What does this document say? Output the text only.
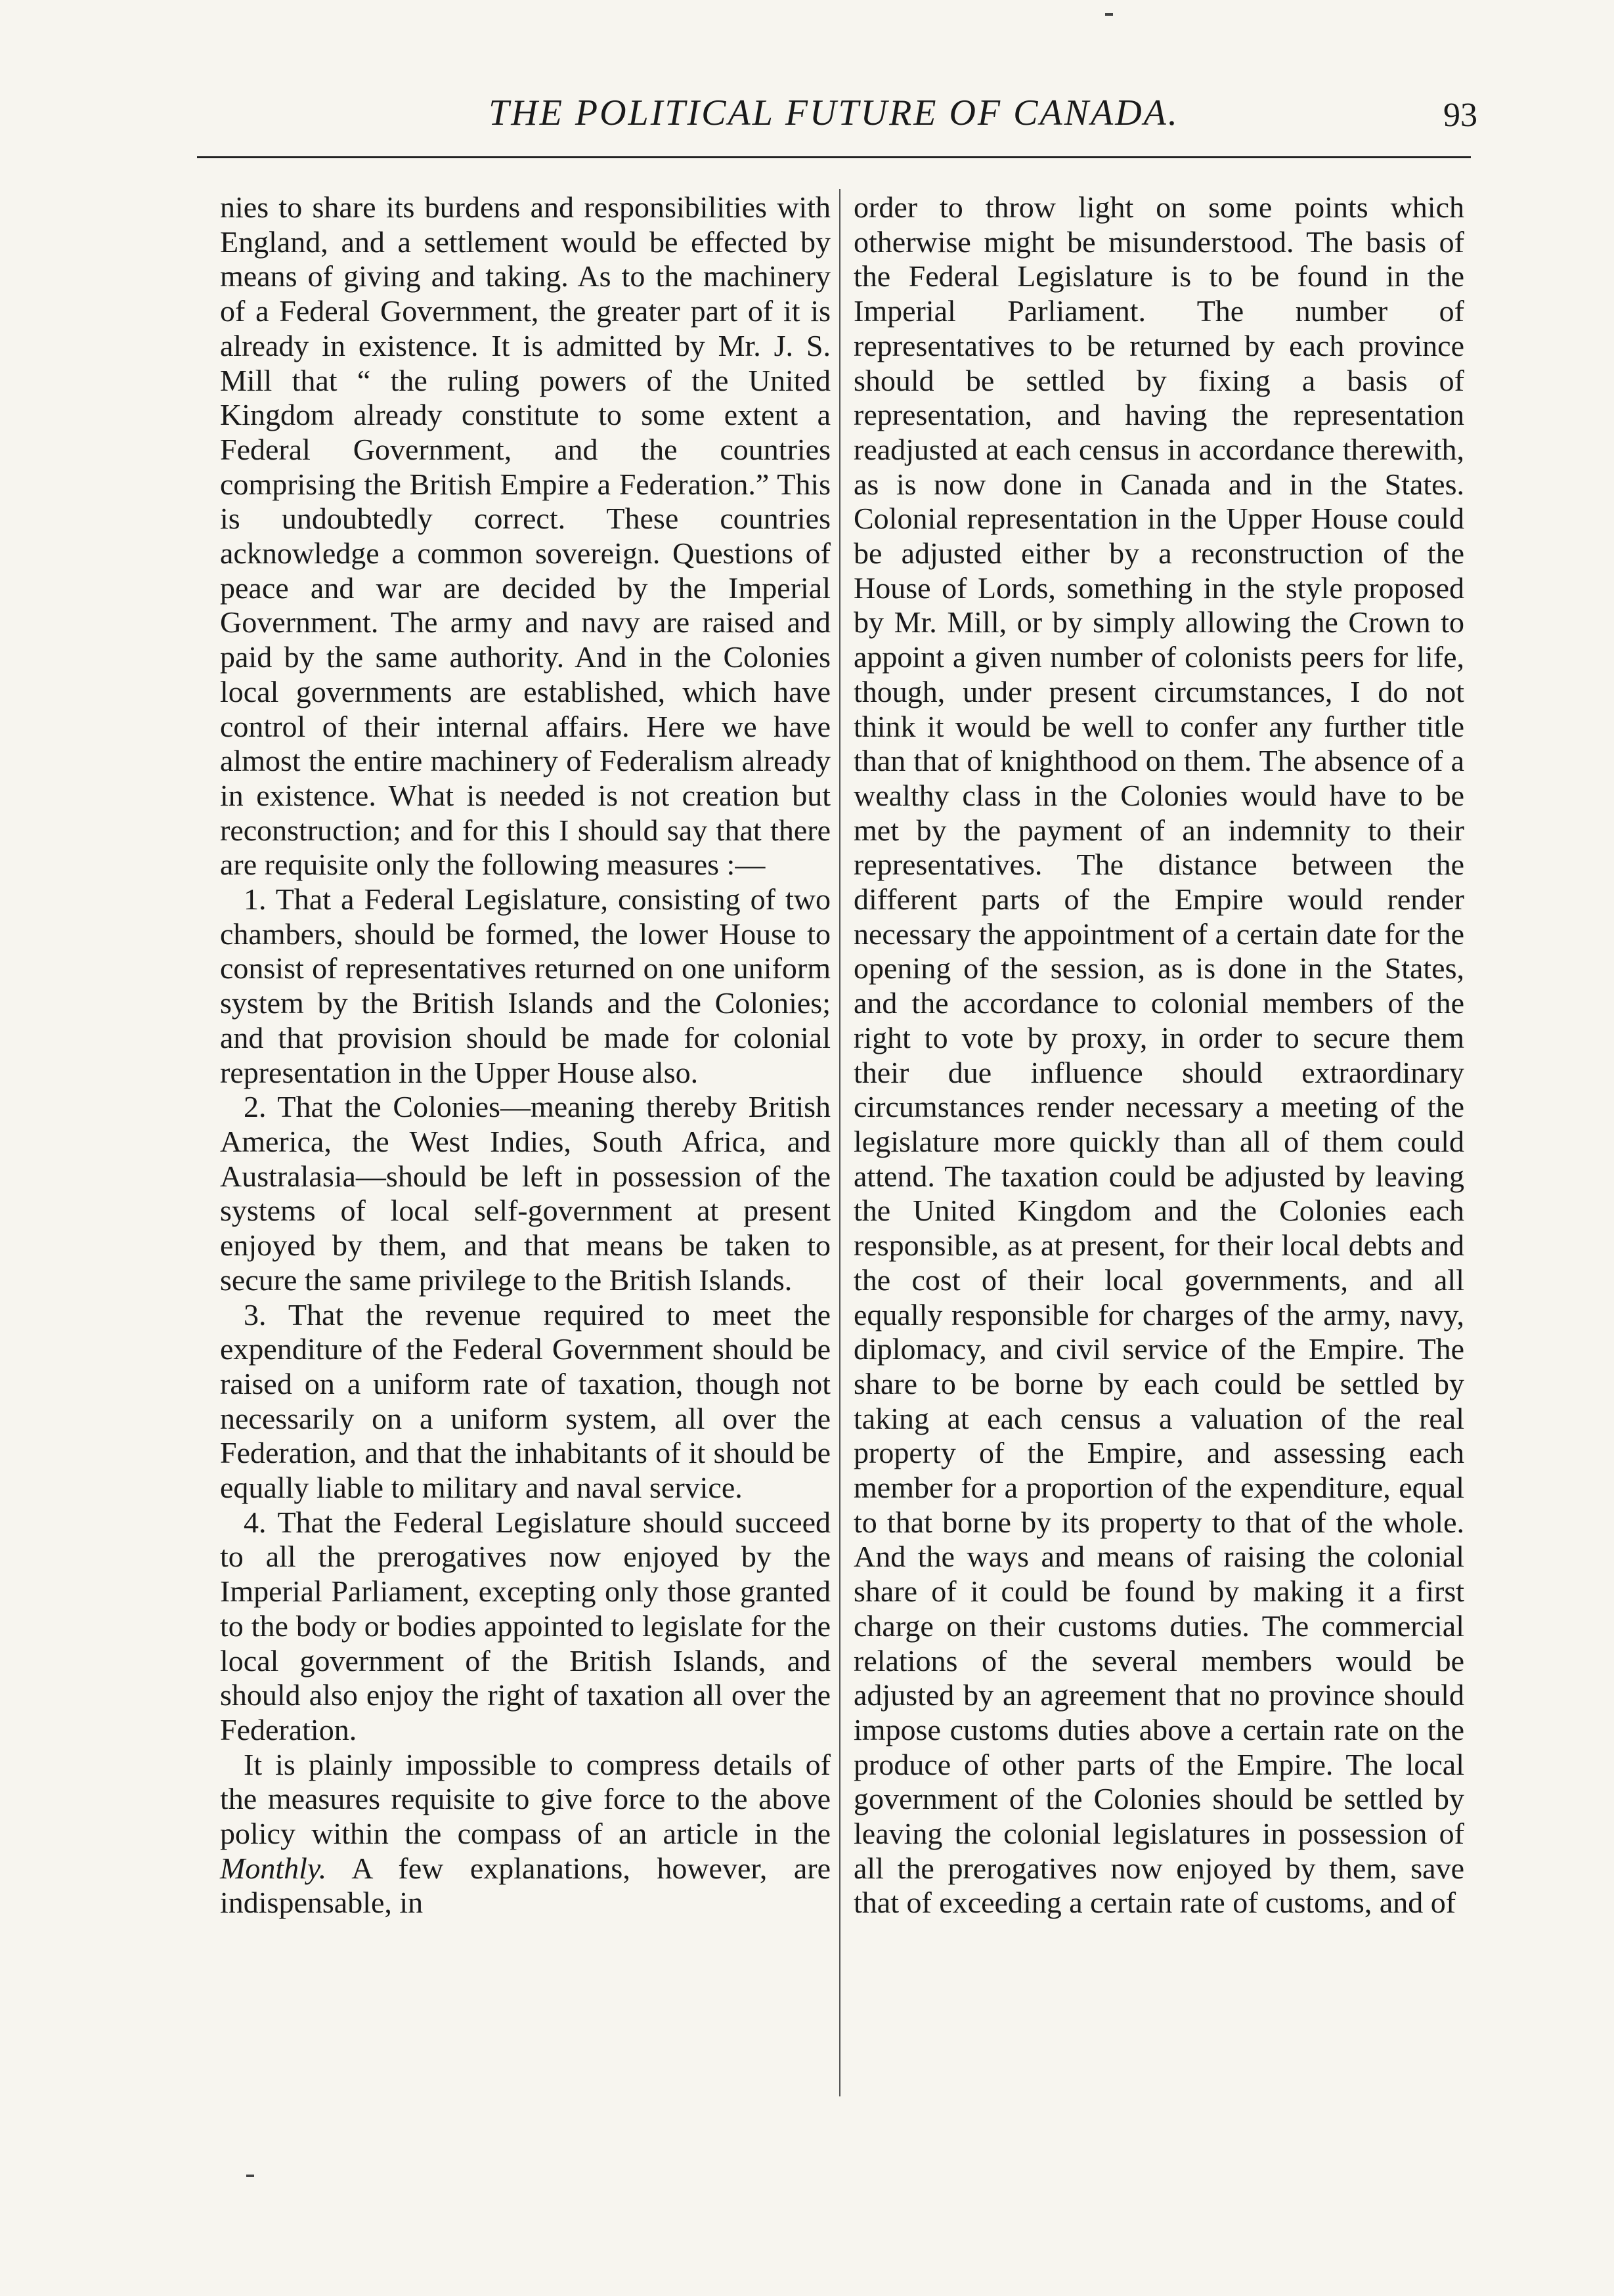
THE POLITICAL FUTURE OF CANADA.	93

nies to share its burdens and responsibilities with England, and a settlement would be effected by means of giving and taking. As to the machinery of a Federal Government, the greater part of it is already in existence. It is admitted by Mr. J. S. Mill that “ the ruling powers of the United Kingdom already constitute to some extent a Federal Government, and the countries comprising the British Empire a Federation.” This is undoubtedly correct. These countries acknowledge a common sovereign. Questions of peace and war are decided by the Imperial Government. The army and navy are raised and paid by the same authority. And in the Colonies local governments are established, which have control of their internal affairs. Here we have almost the entire machinery of Federalism already in existence. What is needed is not creation but reconstruction; and for this I should say that there are requisite only the following measures :—

1. That a Federal Legislature, consisting of two chambers, should be formed, the lower House to consist of representatives returned on one uniform system by the British Islands and the Colonies; and that provision should be made for colonial representation in the Upper House also.

2. That the Colonies—meaning thereby British America, the West Indies, South Africa, and Australasia—should be left in possession of the systems of local self-government at present enjoyed by them, and that means be taken to secure the same privilege to the British Islands.

3. That the revenue required to meet the expenditure of the Federal Government should be raised on a uniform rate of taxation, though not necessarily on a uniform system, all over the Federation, and that the inhabitants of it should be equally liable to military and naval service.

4. That the Federal Legislature should succeed to all the prerogatives now enjoyed by the Imperial Parliament, excepting only those granted to the body or bodies appointed to legislate for the local government of the British Islands, and should also enjoy the right of taxation all over the Federation.

It is plainly impossible to compress details of the measures requisite to give force to the above policy within the compass of an article in the Monthly. A few explanations, however, are indispensable, in

order to throw light on some points which otherwise might be misunderstood. The basis of the Federal Legislature is to be found in the Imperial Parliament. The number of representatives to be returned by each province should be settled by fixing a basis of representation, and having the representation readjusted at each census in accordance therewith, as is now done in Canada and in the States. Colonial representation in the Upper House could be adjusted either by a reconstruction of the House of Lords, something in the style proposed by Mr. Mill, or by simply allowing the Crown to appoint a given number of colonists peers for life, though, under present circumstances, I do not think it would be well to confer any further title than that of knighthood on them. The absence of a wealthy class in the Colonies would have to be met by the payment of an indemnity to their representatives. The distance between the different parts of the Empire would render necessary the appointment of a certain date for the opening of the session, as is done in the States, and the accordance to colonial members of the right to vote by proxy, in order to secure them their due influence should extraordinary circumstances render necessary a meeting of the legislature more quickly than all of them could attend. The taxation could be adjusted by leaving the United Kingdom and the Colonies each responsible, as at present, for their local debts and the cost of their local governments, and all equally responsible for charges of the army, navy, diplomacy, and civil service of the Empire. The share to be borne by each could be settled by taking at each census a valuation of the real property of the Empire, and assessing each member for a proportion of the expenditure, equal to that borne by its property to that of the whole. And the ways and means of raising the colonial share of it could be found by making it a first charge on their customs duties. The commercial relations of the several members would be adjusted by an agreement that no province should impose customs duties above a certain rate on the produce of other parts of the Empire. The local government of the Colonies should be settled by leaving the colonial legislatures in possession of all the prerogatives now enjoyed by them, save that of exceeding a certain rate of customs, and of
